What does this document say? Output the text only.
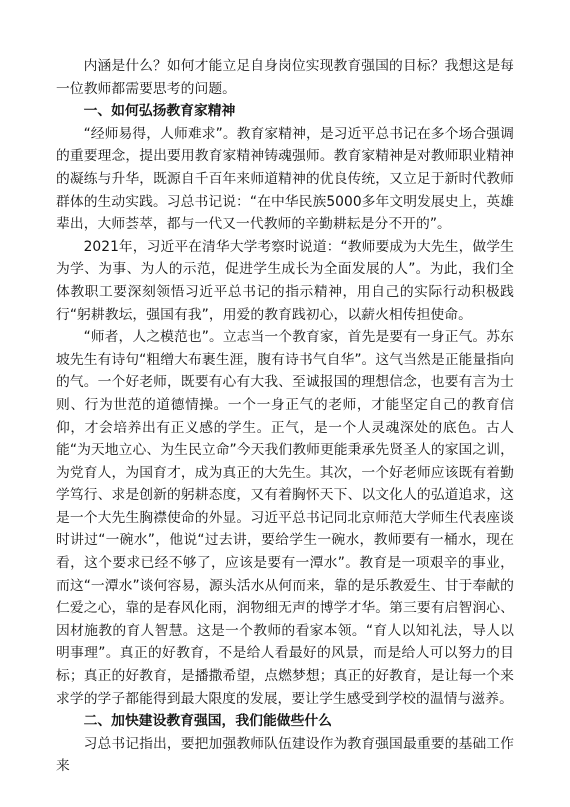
内涵是什么？如何才能立足自身岗位实现教育强国的目标？我想这是每一位教师都需要思考的问题。

一、如何弘扬教育家精神

“经师易得，人师难求”。教育家精神，是习近平总书记在多个场合强调的重要理念，提出要用教育家精神铸魂强师。教育家精神是对教师职业精神的凝练与升华，既源自千百年来师道精神的优良传统，又立足于新时代教师群体的生动实践。习总书记说：“在中华民族5000多年文明发展史上，英雄辈出，大师荟萃，都与一代又一代教师的辛勤耕耘是分不开的”。

2021年，习近平在清华大学考察时说道：“教师要成为大先生，做学生为学、为事、为人的示范，促进学生成长为全面发展的人”。为此，我们全体教职工要深刻领悟习近平总书记的指示精神，用自己的实际行动积极践行“躬耕教坛，强国有我”，用爱的教育践初心，以薪火相传担使命。

“师者，人之模范也”。立志当一个教育家，首先是要有一身正气。苏东坡先生有诗句“粗缯大布裹生涯，腹有诗书气自华”。这气当然是正能量指向的气。一个好老师，既要有心有大我、至诚报国的理想信念，也要有言为士则、行为世范的道德情操。一个一身正气的老师，才能坚定自己的教育信仰，才会培养出有正义感的学生。正气，是一个人灵魂深处的底色。古人能“为天地立心、为生民立命”今天我们教师更能秉承先贤圣人的家国之训，为党育人，为国育才，成为真正的大先生。其次，一个好老师应该既有着勤学笃行、求是创新的躬耕态度，又有着胸怀天下、以文化人的弘道追求，这是一个大先生胸襟使命的外显。习近平总书记同北京师范大学师生代表座谈时讲过“一碗水”，他说“过去讲，要给学生一碗水，教师要有一桶水，现在看，这个要求已经不够了，应该是要有一潭水”。教育是一项艰辛的事业，而这“一潭水”谈何容易，源头活水从何而来，靠的是乐教爱生、甘于奉献的仁爱之心，靠的是春风化雨，润物细无声的博学才华。第三要有启智润心、因材施教的育人智慧。这是一个教师的看家本领。“育人以知礼法，导人以明事理”。真正的好教育，不是给人看最好的风景，而是给人可以努力的目标；真正的好教育，是播撒希望，点燃梦想；真正的好教育，是让每一个来求学的学子都能得到最大限度的发展，要让学生感受到学校的温情与滋养。

二、加快建设教育强国，我们能做些什么

习总书记指出，要把加强教师队伍建设作为教育强国最重要的基础工作来
